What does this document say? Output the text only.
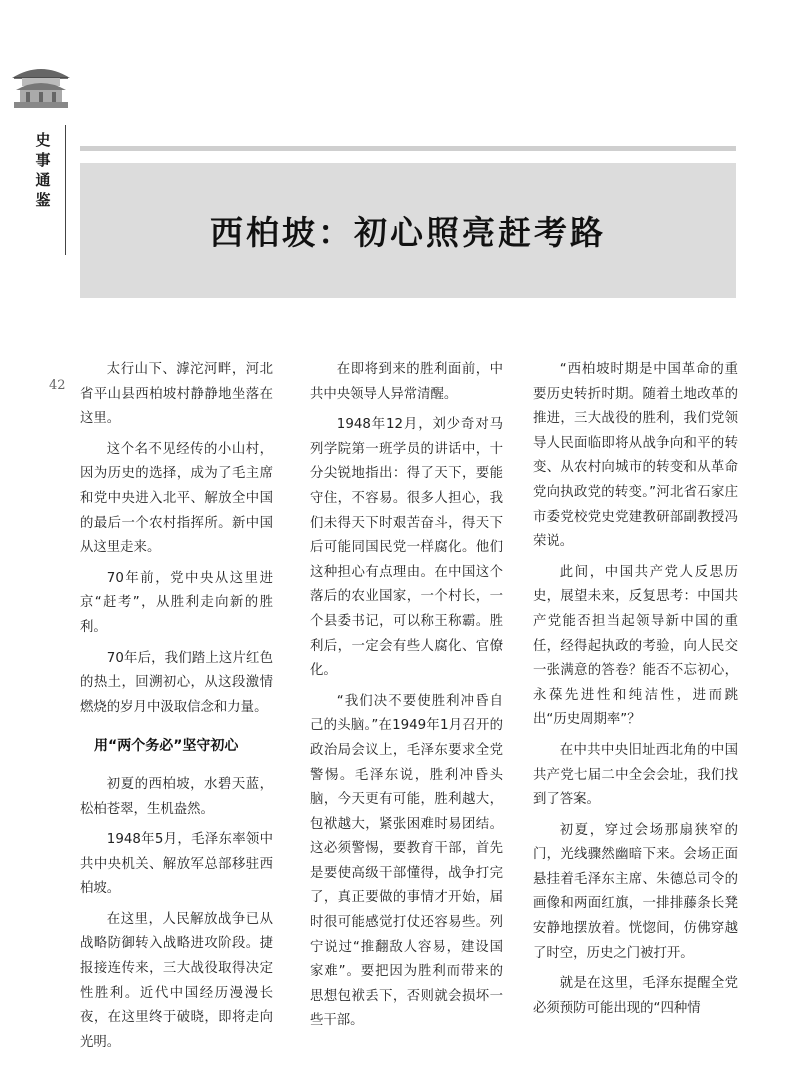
史事通鉴
42
西柏坡：初心照亮赶考路

太行山下、滹沱河畔，河北省平山县西柏坡村静静地坐落在这里。

这个名不见经传的小山村，因为历史的选择，成为了毛主席和党中央进入北平、解放全中国的最后一个农村指挥所。新中国从这里走来。

70年前，党中央从这里进京“赶考”，从胜利走向新的胜利。

70年后，我们踏上这片红色的热土，回溯初心，从这段激情燃烧的岁月中汲取信念和力量。

用“两个务必”坚守初心

初夏的西柏坡，水碧天蓝，松柏苍翠，生机盎然。

1948年5月，毛泽东率领中共中央机关、解放军总部移驻西柏坡。

在这里，人民解放战争已从战略防御转入战略进攻阶段。捷报接连传来，三大战役取得决定性胜利。近代中国经历漫漫长夜，在这里终于破晓，即将走向光明。

在即将到来的胜利面前，中共中央领导人异常清醒。

1948年12月，刘少奇对马列学院第一班学员的讲话中，十分尖锐地指出：得了天下，要能守住，不容易。很多人担心，我们未得天下时艰苦奋斗，得天下后可能同国民党一样腐化。他们这种担心有点理由。在中国这个落后的农业国家，一个村长，一个县委书记，可以称王称霸。胜利后，一定会有些人腐化、官僚化。

“我们决不要使胜利冲昏自己的头脑。”在1949年1月召开的政治局会议上，毛泽东要求全党警惕。毛泽东说，胜利冲昏头脑，今天更有可能，胜利越大，包袱越大，紧张困难时易团结。这必须警惕，要教育干部，首先是要使高级干部懂得，战争打完了，真正要做的事情才开始，届时很可能感觉打仗还容易些。列宁说过“推翻敌人容易，建设国家难”。要把因为胜利而带来的思想包袱丢下，否则就会损坏一些干部。

“西柏坡时期是中国革命的重要历史转折时期。随着土地改革的推进，三大战役的胜利，我们党领导人民面临即将从战争向和平的转变、从农村向城市的转变和从革命党向执政党的转变。”河北省石家庄市委党校党史党建教研部副教授冯荣说。

此间，中国共产党人反思历史，展望未来，反复思考：中国共产党能否担当起领导新中国的重任，经得起执政的考验，向人民交一张满意的答卷？能否不忘初心，永葆先进性和纯洁性，进而跳出“历史周期率”？

在中共中央旧址西北角的中国共产党七届二中全会会址，我们找到了答案。

初夏，穿过会场那扇狭窄的门，光线骤然幽暗下来。会场正面悬挂着毛泽东主席、朱德总司令的画像和两面红旗，一排排藤条长凳安静地摆放着。恍惚间，仿佛穿越了时空，历史之门被打开。

就是在这里，毛泽东提醒全党必须预防可能出现的“四种情
